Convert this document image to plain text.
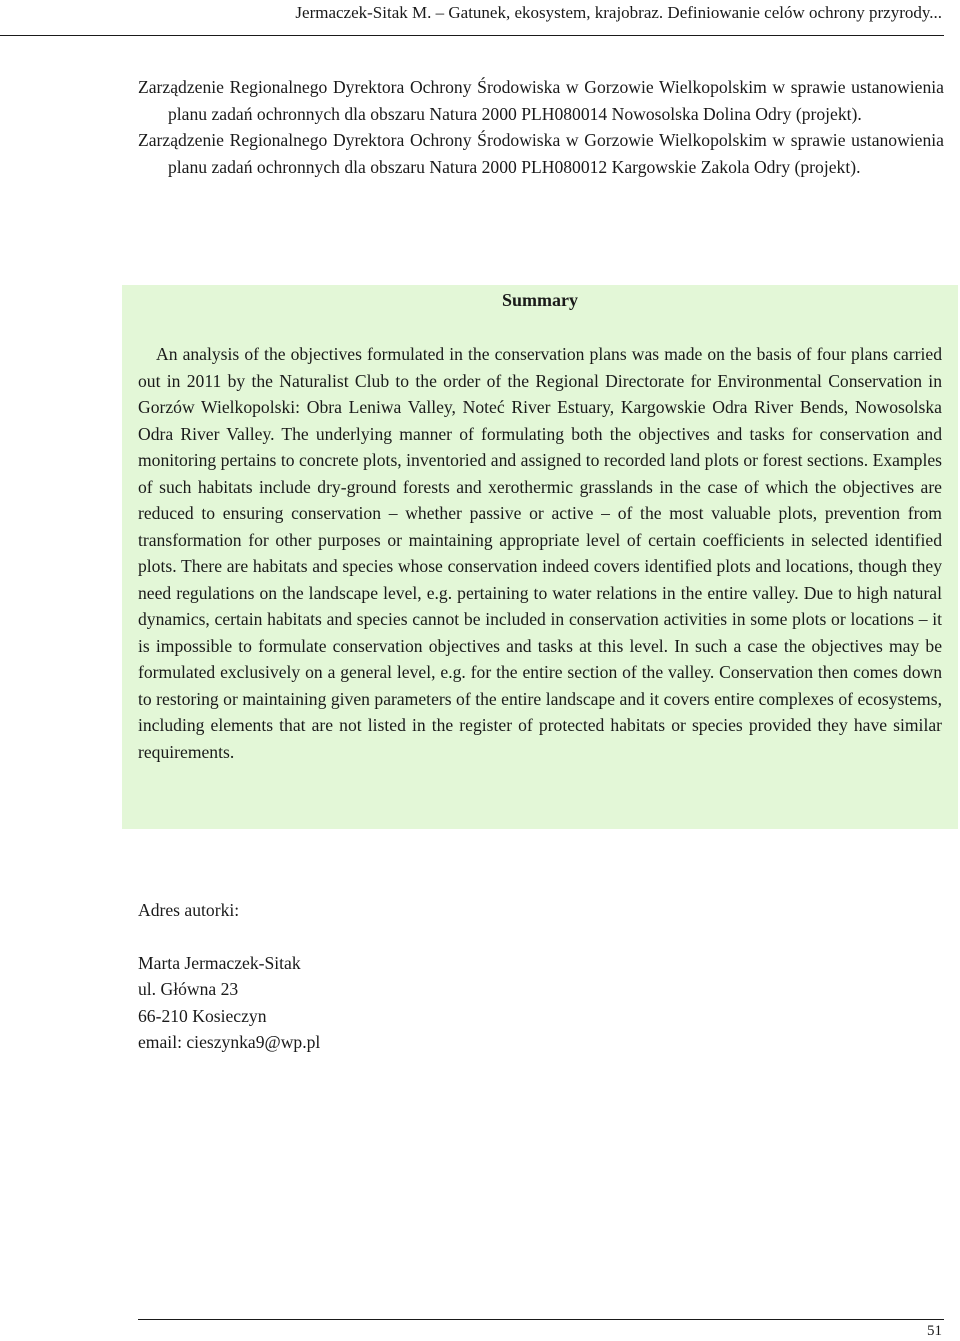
Jermaczek-Sitak M. – Gatunek, ekosystem, krajobraz. Definiowanie celów ochrony przyrody...

Zarządzenie Regionalnego Dyrektora Ochrony Środowiska w Gorzowie Wielkopolskim w sprawie ustanowienia planu zadań ochronnych dla obszaru Natura 2000 PLH080014 Nowosolska Dolina Odry (projekt).

Zarządzenie Regionalnego Dyrektora Ochrony Środowiska w Gorzowie Wielkopolskim w sprawie ustanowienia planu zadań ochronnych dla obszaru Natura 2000 PLH080012 Kargowskie Zakola Odry (projekt).

Summary

An analysis of the objectives formulated in the conservation plans was made on the basis of four plans carried out in 2011 by the Naturalist Club to the order of the Regional Directorate for Environmental Conservation in Gorzów Wielkopolski: Obra Leniwa Valley, Noteć River Estuary, Kargowskie Odra River Bends, Nowosolska Odra River Valley. The underlying manner of formulating both the objectives and tasks for conservation and monitoring pertains to concrete plots, inventoried and assigned to recorded land plots or forest sections. Examples of such habitats include dry-ground forests and xerothermic grasslands in the case of which the objectives are reduced to ensuring conservation – whether passive or active – of the most valuable plots, prevention from transformation for other purposes or maintaining appropriate level of certain coefficients in selected identified plots. There are habitats and species whose conservation indeed covers identified plots and locations, though they need regulations on the landscape level, e.g. pertaining to water relations in the entire valley. Due to high natural dynamics, certain habitats and species cannot be included in conservation activities in some plots or locations – it is impossible to formulate conservation objectives and tasks at this level. In such a case the objectives may be formulated exclusively on a general level, e.g. for the entire section of the valley. Conservation then comes down to restoring or maintaining given parameters of the entire landscape and it covers entire complexes of ecosystems, including elements that are not listed in the register of protected habitats or species provided they have similar requirements.

Adres autorki:
Marta Jermaczek-Sitak
ul. Główna 23
66-210 Kosieczyn
email: cieszynka9@wp.pl
51
